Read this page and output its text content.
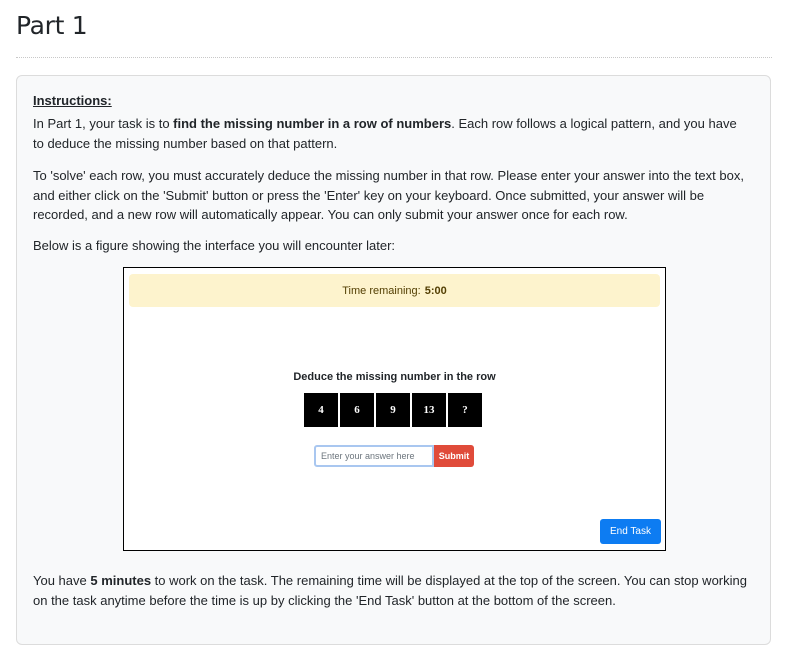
Part 1

Instructions:

In Part 1, your task is to find the missing number in a row of numbers. Each row follows a logical pattern, and you have to deduce the missing number based on that pattern.

To 'solve' each row, you must accurately deduce the missing number in that row. Please enter your answer into the text box, and either click on the 'Submit' button or press the 'Enter' key on your keyboard. Once submitted, your answer will be recorded, and a new row will automatically appear. You can only submit your answer once for each row.

Below is a figure showing the interface you will encounter later:

Time remaining: 5:00
Deduce the missing number in the row
4	6	9	13	?
Enter your answer here
Submit
End Task

You have 5 minutes to work on the task. The remaining time will be displayed at the top of the screen. You can stop working on the task anytime before the time is up by clicking the 'End Task' button at the bottom of the screen.
